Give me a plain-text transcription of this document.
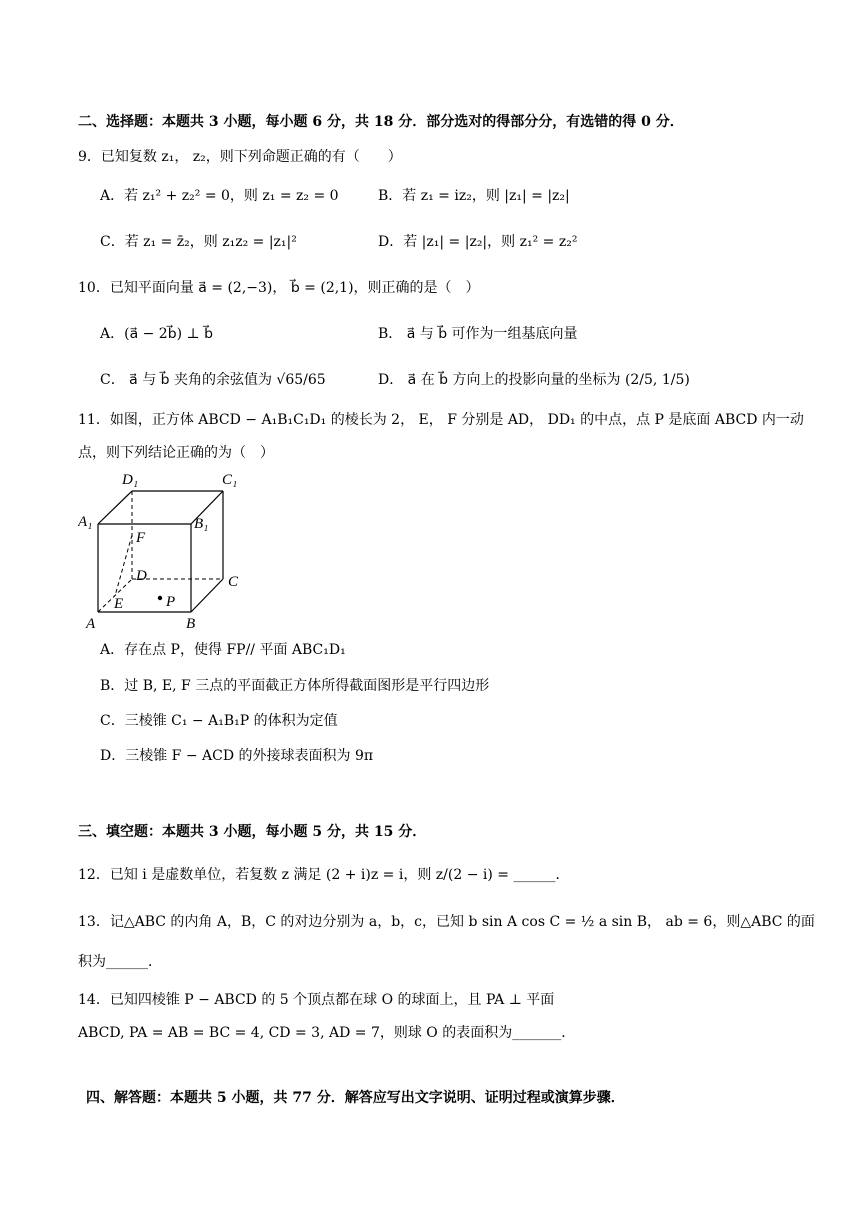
二、选择题：本题共 3 小题，每小题 6 分，共 18 分．部分选对的得部分分，有选错的得 0 分．
9．已知复数 z₁， z₂，则下列命题正确的有（　　）
A．若 z₁² + z₂² = 0，则 z₁ = z₂ = 0	B．若 z₁ = iz₂，则 |z₁| = |z₂|
C．若 z₁ = z̄₂，则 z₁z₂ = |z₁|²	D．若 |z₁| = |z₂|，则 z₁² = z₂²
10．已知平面向量 a⃗ = (2,−3)， b⃗ = (2,1)，则正确的是（　）
A．(a⃗ − 2b⃗) ⊥ b⃗	B． a⃗ 与 b⃗ 可作为一组基底向量
C． a⃗ 与 b⃗ 夹角的余弦值为 √65/65	D． a⃗ 在 b⃗ 方向上的投影向量的坐标为 (2/5, 1/5)
11．如图，正方体 ABCD − A₁B₁C₁D₁ 的棱长为 2， E， F 分别是 AD， DD₁ 的中点，点 P 是底面 ABCD 内一动
点，则下列结论正确的为（　）
D₁	C₁
A₁	B₁
F
D	C
E	P
A	B
A．存在点 P，使得 FP// 平面 ABC₁D₁
B．过 B, E, F 三点的平面截正方体所得截面图形是平行四边形
C．三棱锥 C₁ − A₁B₁P 的体积为定值
D．三棱锥 F − ACD 的外接球表面积为 9π
三、填空题：本题共 3 小题，每小题 5 分，共 15 分．
12．已知 i 是虚数单位，若复数 z 满足 (2 + i)z = i，则 z/(2 − i) = ______．
13．记△ABC 的内角 A，B，C 的对边分别为 a，b，c，已知 b sin A cos C = ½ a sin B， ab = 6，则△ABC 的面
积为______．
14．已知四棱锥 P − ABCD 的 5 个顶点都在球 O 的球面上，且 PA ⊥ 平面
ABCD, PA = AB = BC = 4, CD = 3, AD = 7，则球 O 的表面积为_______．
四、解答题：本题共 5 小题，共 77 分．解答应写出文字说明、证明过程或演算步骤．
